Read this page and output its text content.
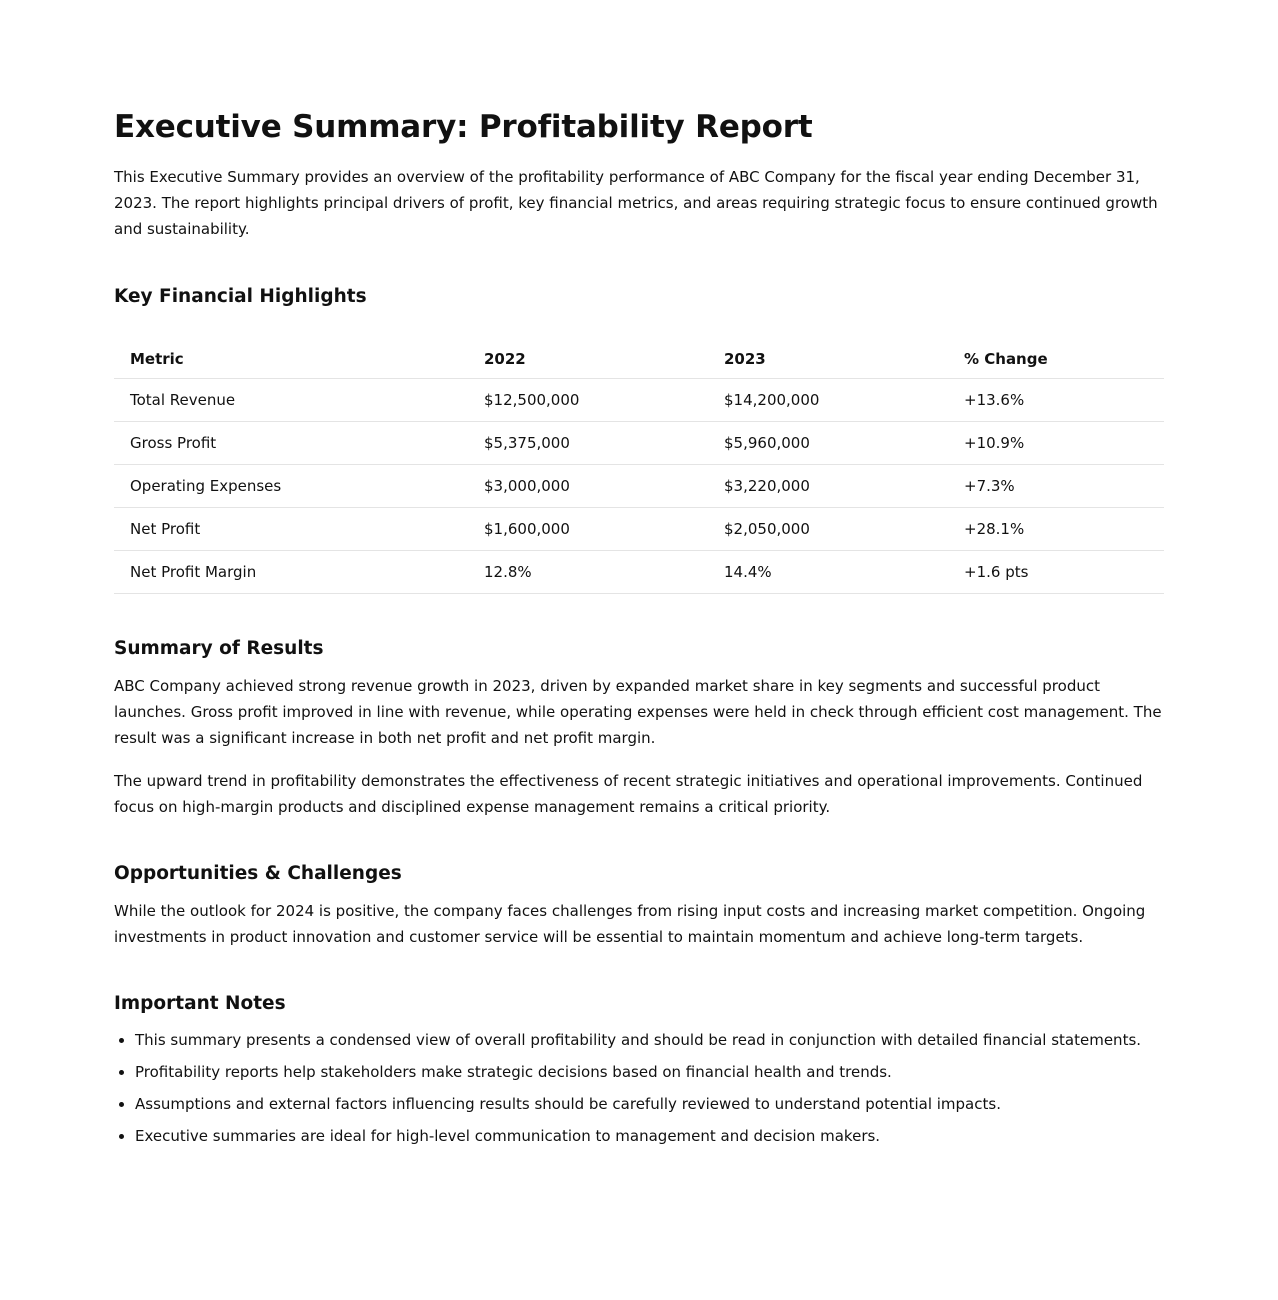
Executive Summary: Profitability Report

This Executive Summary provides an overview of the profitability performance of ABC Company for the fiscal year ending December 31, 2023. The report highlights principal drivers of profit, key financial metrics, and areas requiring strategic focus to ensure continued growth and sustainability.

Key Financial Highlights
Metric	2022	2023	% Change
Total Revenue	$12,500,000	$14,200,000	+13.6%
Gross Profit	$5,375,000	$5,960,000	+10.9%
Operating Expenses	$3,000,000	$3,220,000	+7.3%
Net Profit	$1,600,000	$2,050,000	+28.1%
Net Profit Margin	12.8%	14.4%	+1.6 pts
Summary of Results

ABC Company achieved strong revenue growth in 2023, driven by expanded market share in key segments and successful product launches. Gross profit improved in line with revenue, while operating expenses were held in check through efficient cost management. The result was a significant increase in both net profit and net profit margin.

The upward trend in profitability demonstrates the effectiveness of recent strategic initiatives and operational improvements. Continued focus on high-margin products and disciplined expense management remains a critical priority.

Opportunities & Challenges

While the outlook for 2024 is positive, the company faces challenges from rising input costs and increasing market competition. Ongoing investments in product innovation and customer service will be essential to maintain momentum and achieve long-term targets.

Important Notes
• This summary presents a condensed view of overall profitability and should be read in conjunction with detailed financial statements.
• Profitability reports help stakeholders make strategic decisions based on financial health and trends.
• Assumptions and external factors influencing results should be carefully reviewed to understand potential impacts.
• Executive summaries are ideal for high-level communication to management and decision makers.
